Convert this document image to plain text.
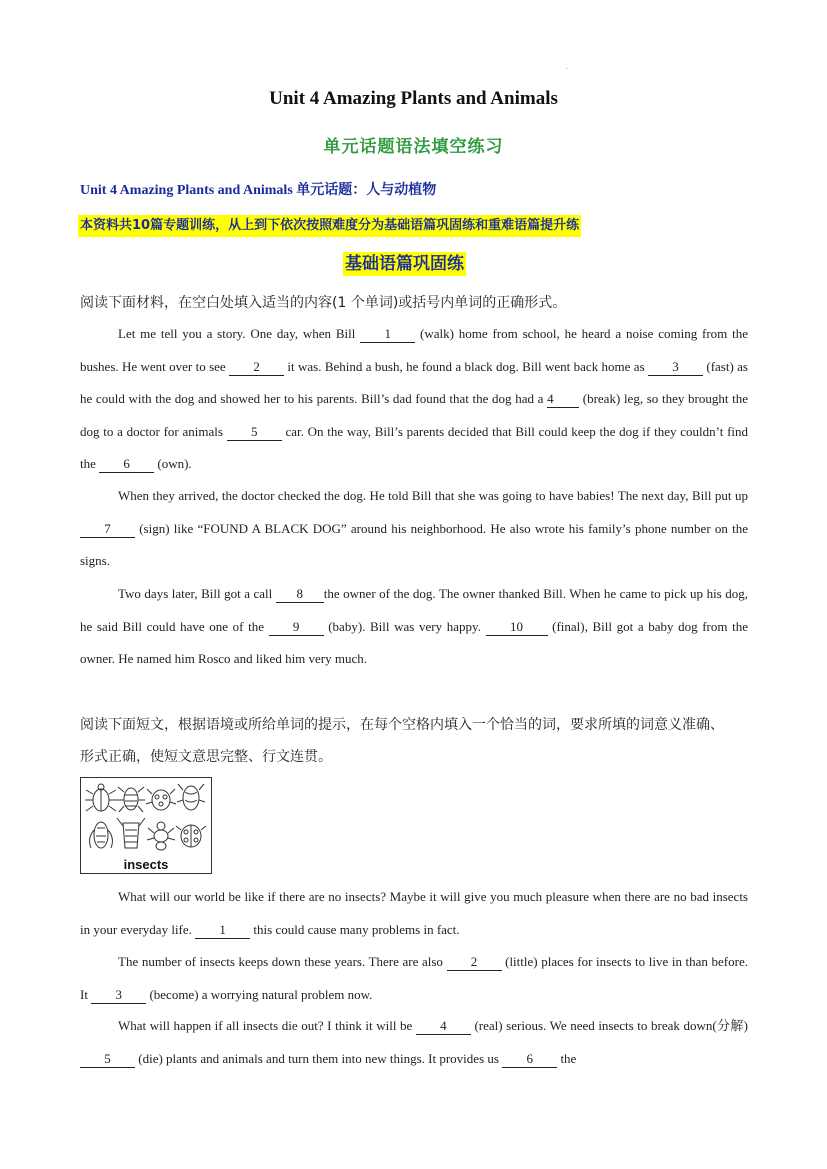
.
Unit 4 Amazing Plants and Animals
单元话题语法填空练习
Unit 4 Amazing Plants and Animals 单元话题：人与动植物
本资料共10篇专题训练，从上到下依次按照难度分为基础语篇巩固练和重难语篇提升练
基础语篇巩固练
阅读下面材料，在空白处填入适当的内容(1 个单词)或括号内单词的正确形式。
Let me tell you a story. One day, when Bill 1 (walk) home from school, he heard a noise coming from the bushes. He went over to see 2 it was. Behind a bush, he found a black dog. Bill went back home as 3 (fast) as he could with the dog and showed her to his parents. Bill’s dad found that the dog had a 4 (break) leg, so they brought the dog to a doctor for animals 5 car. On the way, Bill’s parents decided that Bill could keep the dog if they couldn’t find the 6 (own).
When they arrived, the doctor checked the dog. He told Bill that she was going to have babies! The next day, Bill put up 7 (sign) like “FOUND A BLACK DOG” around his neighborhood. He also wrote his family’s phone number on the signs.
Two days later, Bill got a call 8 the owner of the dog. The owner thanked Bill. When he came to pick up his dog, he said Bill could have one of the 9 (baby). Bill was very happy. 10 (final), Bill got a baby dog from the owner. He named him Rosco and liked him very much.
阅读下面短文，根据语境或所给单词的提示，在每个空格内填入一个恰当的词，要求所填的词意义准确、
形式正确，使短文意思完整、行文连贯。
insects
What will our world be like if there are no insects? Maybe it will give you much pleasure when there are no bad insects in your everyday life. 1 this could cause many problems in fact.
The number of insects keeps down these years. There are also 2 (little) places for insects to live in than before. It 3 (become) a worrying natural problem now.
What will happen if all insects die out? I think it will be 4 (real) serious. We need insects to break down(分解) 5 (die) plants and animals and turn them into new things. It provides us 6 the
